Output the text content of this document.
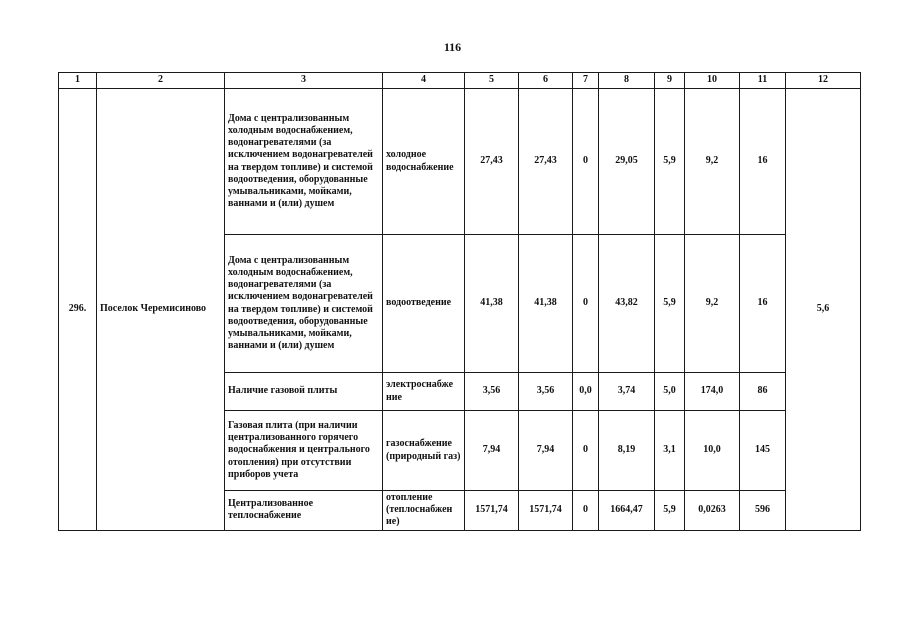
116
1	2	3	4	5	6	7	8	9	10	11	12
296.	Поселок Черемисиново	Дома с централизованным холодным водоснабжением, водонагревателями (за исключением водонагревателей на твердом топливе) и системой водоотведения, оборудованные умывальниками, мойками, ваннами и (или) душем	холодное водоснабжение	27,43	27,43	0	29,05	5,9	9,2	16	5,6
		Дома с централизованным холодным водоснабжением, водонагревателями (за исключением водонагревателей на твердом топливе) и системой водоотведения, оборудованные умывальниками, мойками, ваннами и (или) душем	водоотведение	41,38	41,38	0	43,82	5,9	9,2	16	
		Наличие газовой плиты	электроснабже ние	3,56	3,56	0,0	3,74	5,0	174,0	86	
		Газовая плита (при наличии централизованного горячего водоснабжения и центрального отопления) при отсутствии приборов учета	газоснабжение (природный газ)	7,94	7,94	0	8,19	3,1	10,0	145	
		Централизованное теплоснабжение	отопление (теплоснабжен ие)	1571,74	1571,74	0	1664,47	5,9	0,0263	596	
